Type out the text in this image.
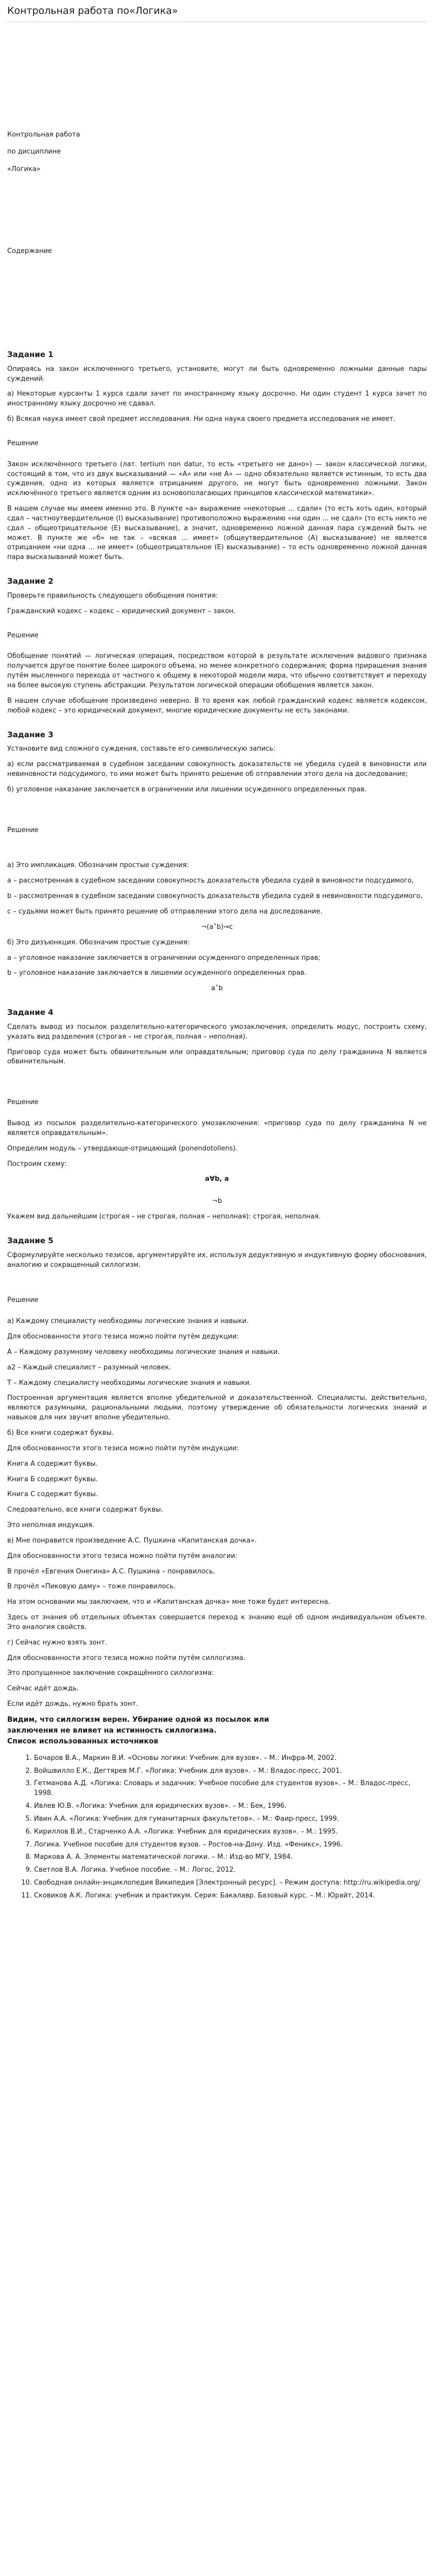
Контрольная работа по«Логика»

Контрольная работа

по дисциплине

«Логика»

Содержание

Задание 1

Опираясь на закон исключенного третьего, установите, могут ли быть одновременно ложными данные пары суждений.

а) Некоторые курсанты 1 курса сдали зачет по иностранному языку досрочно. Ни один студент 1 курса зачет по иностранному языку досрочно не сдавал.

б) Всякая наука имеет свой предмет исследования. Ни одна наука своего предмета исследования не имеет.

Решение

Закон исключённого третьего (лат. tertium non datur, то есть «третьего не дано») — закон классической логики, состоящий в том, что из двух высказываний — «А» или «не А» — одно обязательно является истинным, то есть два суждения, одно из которых является отрицанием другого, не могут быть одновременно ложными. Закон исключённого третьего является одним из основополагающих принципов классической математики».

В нашем случае мы имеем именно это. В пункте «а» выражение «некоторые ... сдали» (то есть хоть один, который сдал – частноутвердительное (I) высказывание) противоположно выражению «ни один ... не сдал» (то есть никто не сдал – общеотрицательное (E) высказывание), а значит, одновременно ложной данная пара суждений быть не может. В пункте же «б» не так – «всякая ... имеет» (общеутвердительное (A) высказывание) не является отрицанием «ни одна ... не имеет» (общеотрицательное (E) высказывание) – то есть одновременно ложной данная пара высказываний может быть.

Задание 2

Проверьте правильность следующего обобщения понятия:

Гражданский кодекс – кодекс – юридический документ – закон.

Решение

Обобщение понятий — логическая операция, посредством которой в результате исключения видового признака получается другое понятие более широкого объема, но менее конкретного содержания; форма приращения знания путём мысленного перехода от частного к общему в некоторой модели мира, что обычно соответствует и переходу на более высокую ступень абстракции. Результатом логической операции обобщения является закон.

В нашем случае обобщение произведено неверно. В то время как любой гражданский кодекс является кодексом, любой кодекс – это юридический документ, многие юридические документы не есть законами.

Задание 3

Установите вид сложного суждения, составьте его символическую запись:

а) если рассматриваемая в судебном заседании совокупность доказательств не убедила судей в виновности или невиновности подсудимого, то ими может быть принято решение об отправлении этого дела на доследование;

б) уголовное наказание заключается в ограничении или лишении осужденного определенных прав.

Решение

а) Это импликация. Обозначим простые суждения:

a – рассмотренная в судебном заседании совокупность доказательств убедила судей в виновности подсудимого,

b – рассмотренная в судебном заседании совокупность доказательств убедила судей в невиновности подсудимого,

c – судьями может быть принято решение об отправлении этого дела на доследование.

¬(a˅b)⇒c

б) Это дизъюнкция. Обозначим простые суждения:

а – уголовное наказание заключается в ограничении осужденного определенных прав;

b – уголовное наказание заключается в лишении осужденного определенных прав.

a˅b

Задание 4

Сделать вывод из посылок разделительно-категорического умозаключения, определить модус, построить схему, указать вид разделения (строгая – не строгая, полная – неполная).

Приговор суда может быть обвинительным или оправдательным; приговор суда по делу гражданина N является обвинительным.

Решение

Вывод из посылок разделительно-категорического умозаключения: «приговор суда по делу гражданина N не является оправдательным».

Определим модуль – утвердающе-отрицающий (ponendotollens).

Построим схему:

a∀b, a

¬b

Укажем вид дальнейшим (строгая – не строгая, полная – неполная): строгая, неполная.

Задание 5

Сформулируйте несколько тезисов, аргументируйте их, используя дедуктивную и индуктивную форму обоснования, аналогию и сокращенный силлогизм.

Решение

а) Каждому специалисту необходимы логические знания и навыки.

Для обоснованности этого тезиса можно пойти путём дедукции:

A – Каждому разумному человеку необходимы логические знания и навыки.

a2 – Каждый специалист – разумный человек.

T – Каждому специалисту необходимы логические знания и навыки.

Построенная аргументация является вполне убедительной и доказательственной. Специалисты, действительно, являются разумными, рациональными людьми, поэтому утверждение об обязательности логических знаний и навыков для них звучит вполне убедительно.

б) Все книги содержат буквы.

Для обоснованности этого тезиса можно пойти путём индукции:

Книга А содержит буквы.

Книга Б содержит буквы.

Книга С содержит буквы.

Следовательно, все книги содержат буквы.

Это неполная индукция.

в) Мне понравится произведение А.С. Пушкина «Капитанская дочка».

Для обоснованности этого тезиса можно пойти путём аналогии:

В прочёл «Евгения Онегина» А.С. Пушкина – понравилось.

В прочёл «Пиковую даму» – тоже понравилось.

На этом основании мы заключаем, что и «Капитанская дочка» мне тоже будет интересна.

Здесь от знания об отдельных объектах совершается переход к знанию ещё об одном индивидуальном объекте. Это аналогия свойств.

г) Сейчас нужно взять зонт.

Для обоснованности этого тезиса можно пойти путём силлогизма.

Это пропущенное заключение сокращённого силлогизма:

Сейчас идёт дождь.

Если идёт дождь, нужно брать зонт.

Видим, что силлогизм верен. Убирание одной из посылок или

заключения не влияет на истинность силлогизма.

Список использованных источников

1. Бочаров В.А., Маркин В.И. «Основы логики: Учебник для вузов». – М.: Инфра-М, 2002.
2. Войшвилло Е.К., Дегтярев М.Г. «Логика: Учебник для вузов». – М.: Владос-пресс, 2001.
3. Гетманова А.Д. «Логика: Словарь и задачник: Учебное пособие для студентов вузов». – М.: Владос-пресс, 1998.
4. Ивлев Ю.В. «Логика: Учебник для юридических вузов». – М.: Бек, 1996.
5. Ивин А.А. «Логика: Учебник для гуманитарных факультетов». – М.: Фаир-пресс, 1999.
6. Кириллов В.И., Старченко А.А. «Логика: Учебник для юридических вузов». – М.: 1995.
7. Логика. Учебное пособие для студентов вузов. – Ростов-на-Дону. Изд. «Феникс», 1996.
8. Маркова А. А. Элементы математической логики. – М.: Изд-во МГУ, 1984.
9. Светлов В.А. Логика. Учебное пособие. – М.: Логос, 2012.
10. Свободная онлайн-энциклопедия Википедия [Электронный ресурс]. – Режим доступа: http://ru.wikipedia.org/
11. Сковиков А.К. Логика: учебник и практикум. Серия: Бакалавр. Базовый курс. – М.: Юрайт, 2014.
